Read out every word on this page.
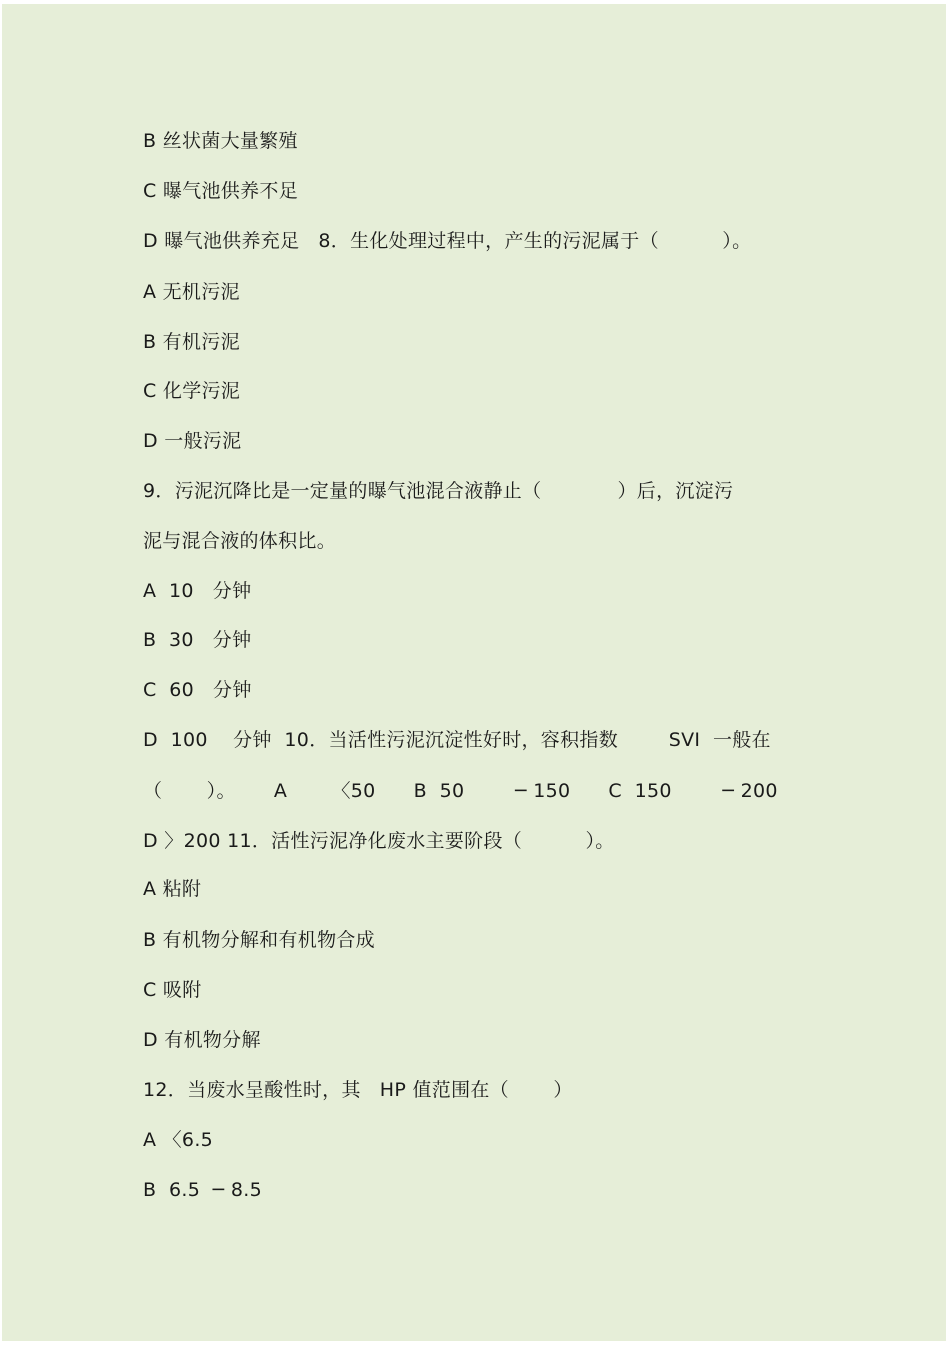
B 丝状菌大量繁殖
C 曝气池供养不足
D 曝气池供养充足   8．生化处理过程中，产生的污泥属于（          ）。
A 无机污泥
B 有机污泥
C 化学污泥
D 一般污泥
9．污泥沉降比是一定量的曝气池混合液静止（            ）后，沉淀污
泥与混合液的体积比。
A  10   分钟
B  30   分钟
C  60   分钟
D  100    分钟  10．当活性污泥沉淀性好时，容积指数        SVI  一般在
（       ）。      A       〈50      B  50        ─ 150      C  150        ─ 200
D 〉200 11．活性污泥净化废水主要阶段（          ）。
A 粘附
B 有机物分解和有机物合成
C 吸附
D 有机物分解
12．当废水呈酸性时，其   HP 值范围在（       ）
A 〈6.5
B  6.5  ─ 8.5
